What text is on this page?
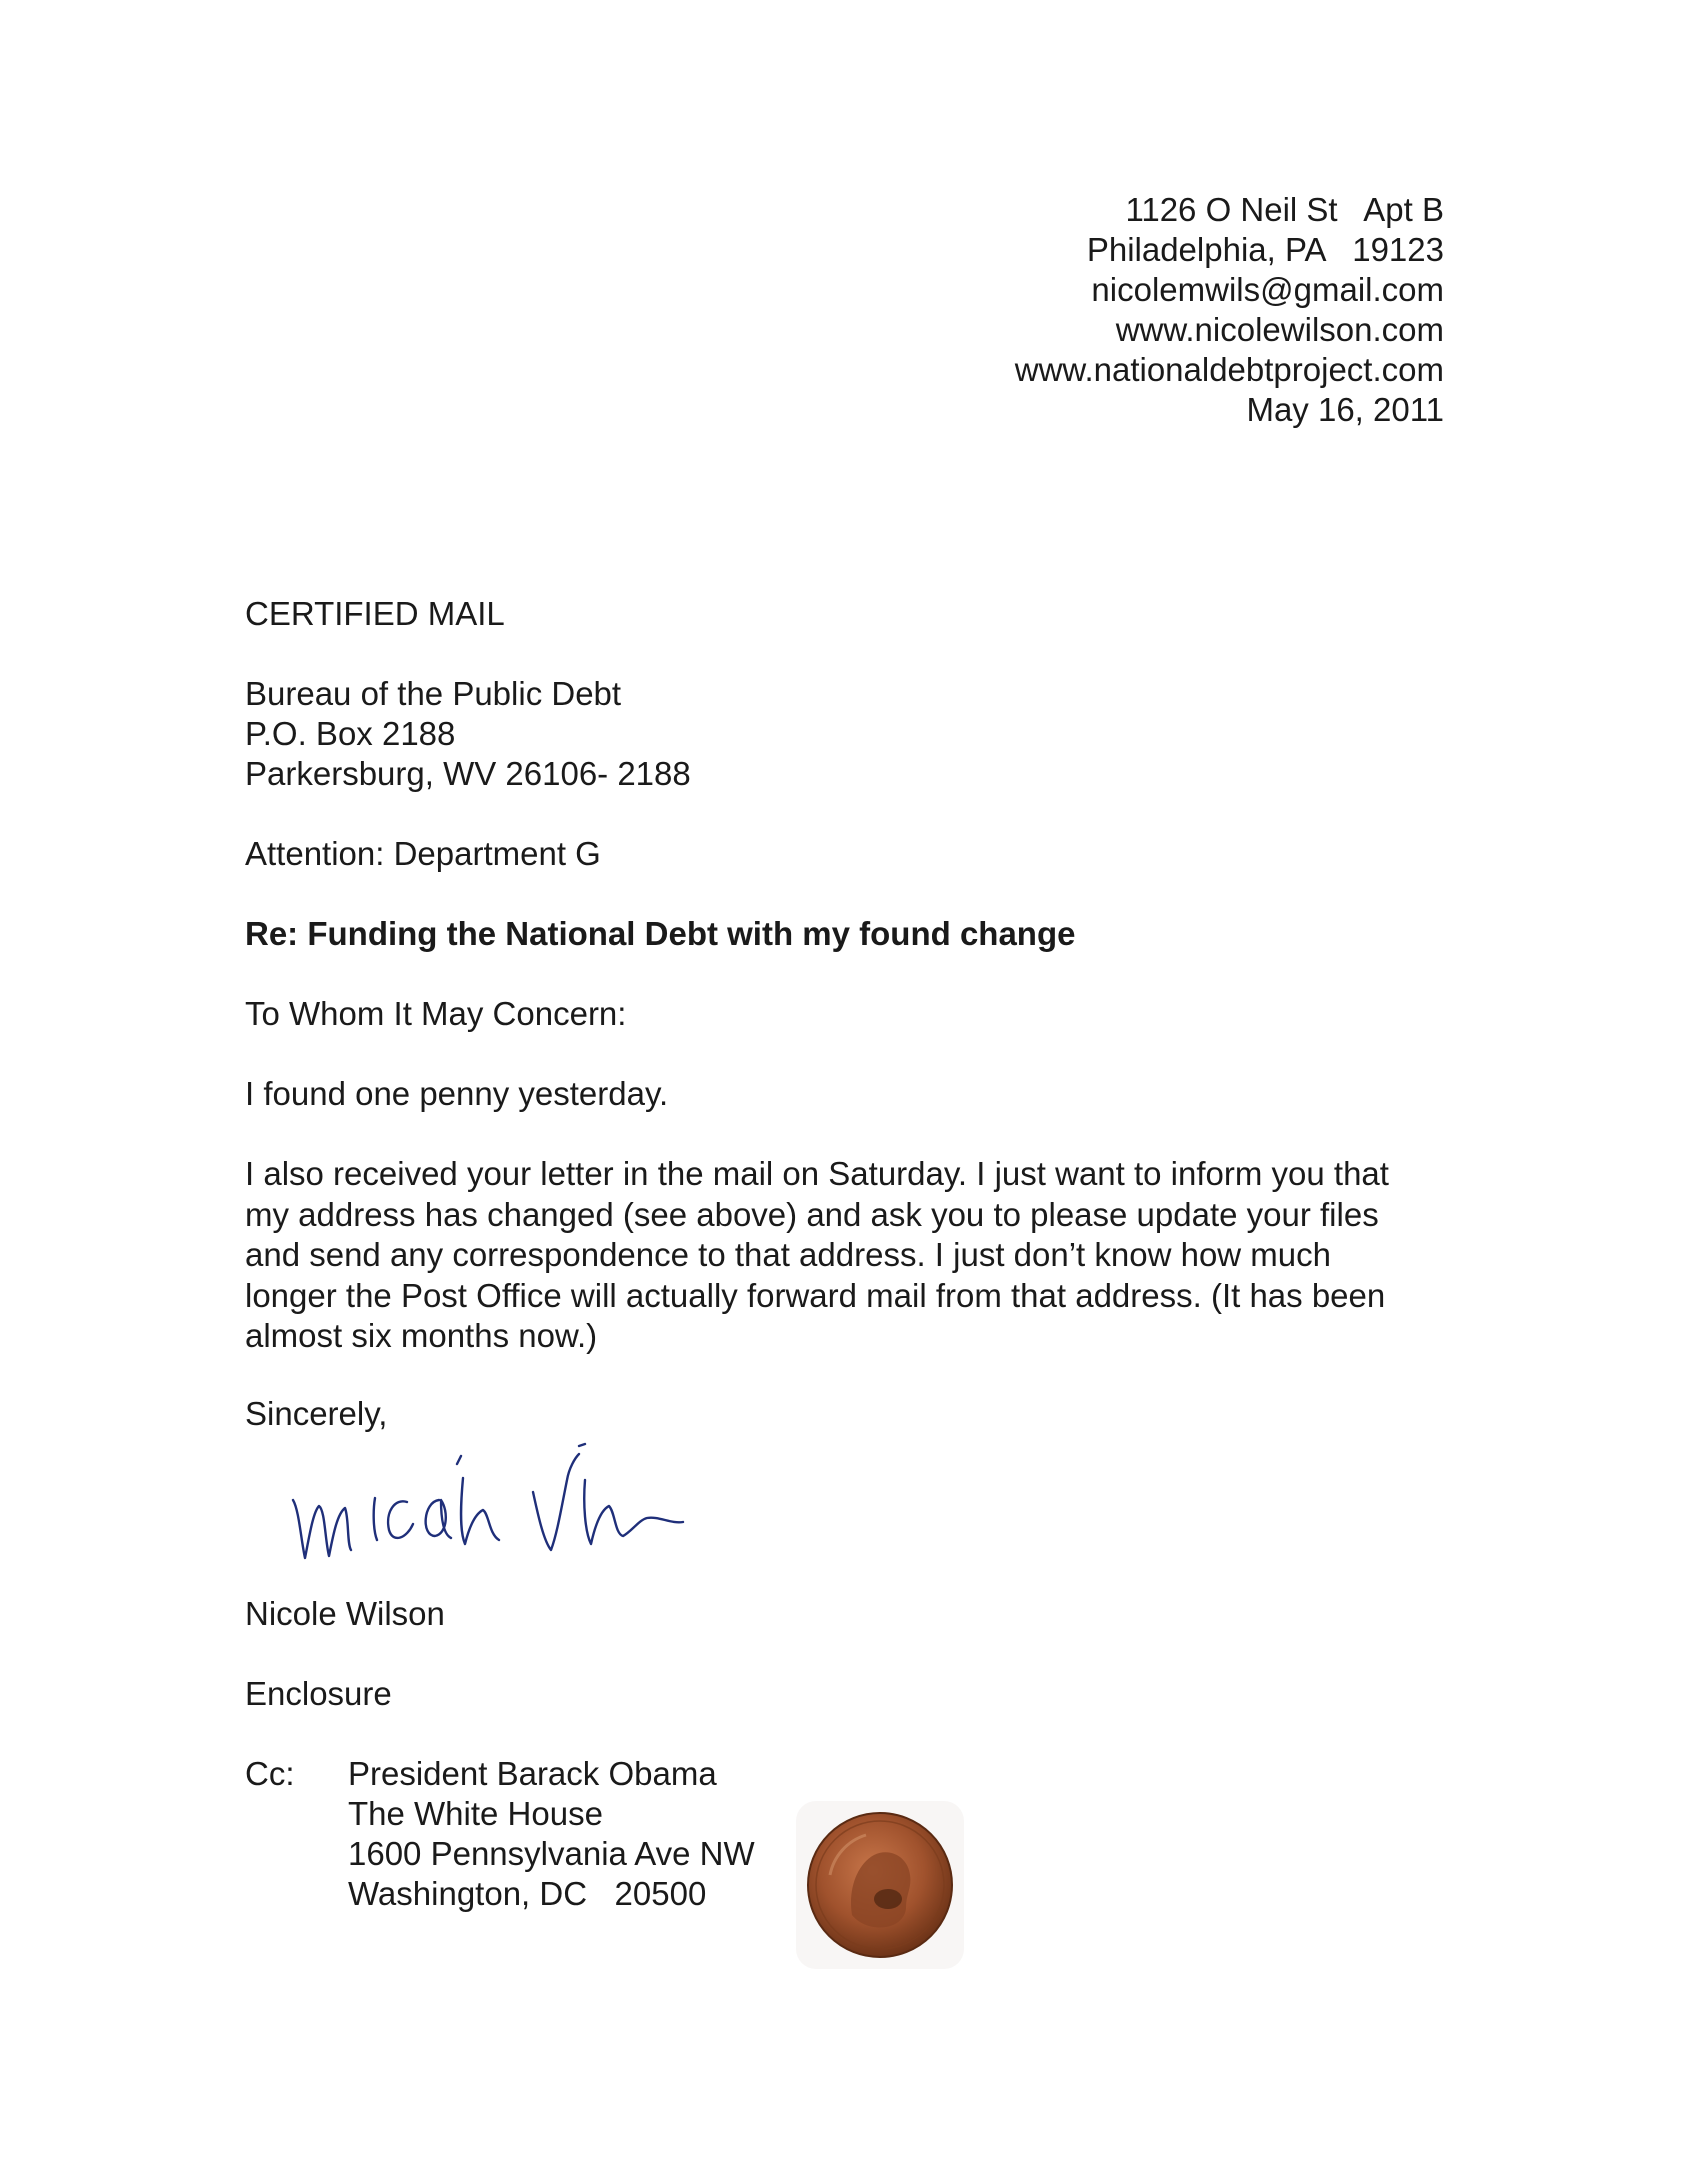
1126 O Neil St   Apt B
Philadelphia, PA   19123
nicolemwils@gmail.com
www.nicolewilson.com
www.nationaldebtproject.com
May 16, 2011
CERTIFIED MAIL
Bureau of the Public Debt
P.O. Box 2188
Parkersburg, WV 26106- 2188
Attention: Department G
Re: Funding the National Debt with my found change
To Whom It May Concern:
I found one penny yesterday.
I also received your letter in the mail on Saturday. I just want to inform you that
my address has changed (see above) and ask you to please update your files
and send any correspondence to that address. I just don’t know how much
longer the Post Office will actually forward mail from that address. (It has been
almost six months now.)
Sincerely,
Nicole Wilson
Enclosure
Cc: President Barack Obama
The White House
1600 Pennsylvania Ave NW
Washington, DC   20500
